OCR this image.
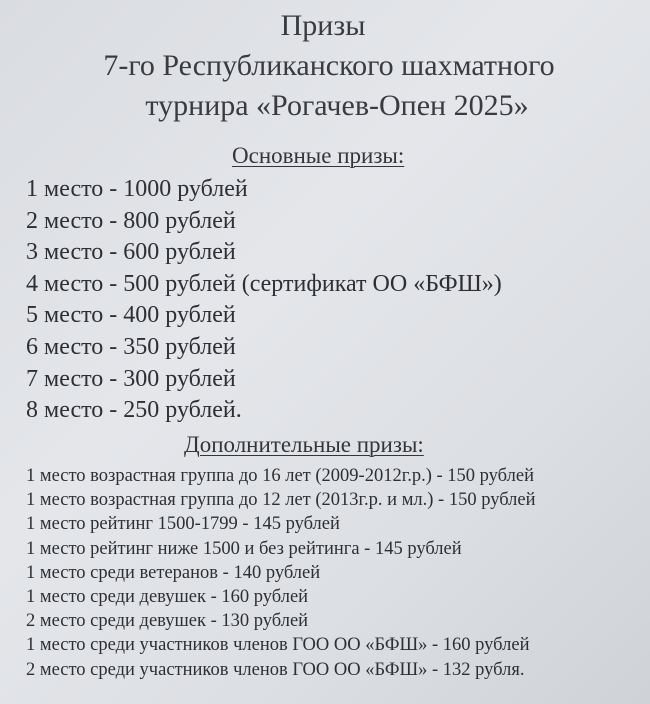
Призы
7-го Республиканского шахматного
турнира «Рогачев-Опен 2025»
Основные призы:
1 место - 1000 рублей
2 место - 800 рублей
3 место - 600 рублей
4 место - 500 рублей (сертификат ОО «БФШ»)
5 место - 400 рублей
6 место - 350 рублей
7 место - 300 рублей
8 место - 250 рублей.
Дополнительные призы:
1 место возрастная группа до 16 лет (2009-2012г.р.) - 150 рублей
1 место возрастная группа до 12 лет (2013г.р. и мл.) - 150 рублей
1 место рейтинг 1500-1799 - 145 рублей
1 место рейтинг ниже 1500 и без рейтинга - 145 рублей
1 место среди ветеранов - 140 рублей
1 место среди девушек - 160 рублей
2 место среди девушек - 130 рублей
1 место среди участников членов ГОО ОО «БФШ» - 160 рублей
2 место среди участников членов ГОО ОО «БФШ» - 132 рубля.
